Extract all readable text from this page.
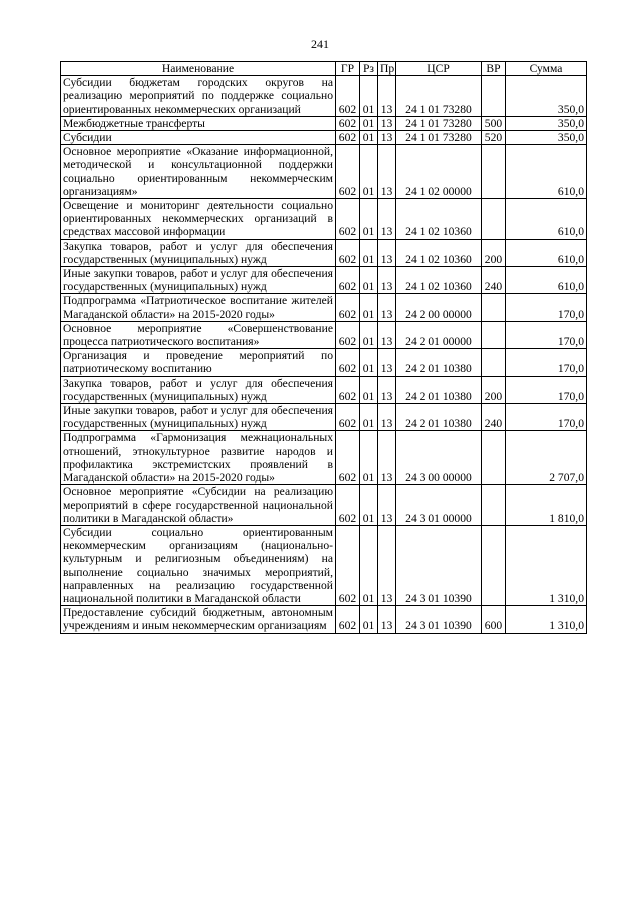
241
Наименование	ГР	Рз	Пр	ЦСР	ВР	Сумма
Субсидии бюджетам городских округов на реализацию мероприятий по поддержке социально ориентированных некоммерческих организаций	602	01	13	24 1 01 73280		350,0
Межбюджетные трансферты	602	01	13	24 1 01 73280	500	350,0
Субсидии	602	01	13	24 1 01 73280	520	350,0
Основное мероприятие «Оказание информационной, методической и консультационной поддержки социально ориентированным некоммерческим организациям»	602	01	13	24 1 02 00000		610,0
Освещение и мониторинг деятельности социально ориентированных некоммерческих организаций в средствах массовой информации	602	01	13	24 1 02 10360		610,0
Закупка товаров, работ и услуг для обеспечения государственных (муниципальных) нужд	602	01	13	24 1 02 10360	200	610,0
Иные закупки товаров, работ и услуг для обеспечения государственных (муниципальных) нужд	602	01	13	24 1 02 10360	240	610,0
Подпрограмма «Патриотическое воспитание жителей Магаданской области» на 2015-2020 годы»	602	01	13	24 2 00 00000		170,0
Основное мероприятие «Совершенствование процесса патриотического воспитания»	602	01	13	24 2 01 00000		170,0
Организация и проведение мероприятий по патриотическому воспитанию	602	01	13	24 2 01 10380		170,0
Закупка товаров, работ и услуг для обеспечения государственных (муниципальных) нужд	602	01	13	24 2 01 10380	200	170,0
Иные закупки товаров, работ и услуг для обеспечения государственных (муниципальных) нужд	602	01	13	24 2 01 10380	240	170,0
Подпрограмма «Гармонизация межнациональных отношений, этнокультурное развитие народов и профилактика экстремистских проявлений в Магаданской области» на 2015-2020 годы»	602	01	13	24 3 00 00000		2 707,0
Основное мероприятие «Субсидии на реализацию мероприятий в сфере государственной национальной политики в Магаданской области»	602	01	13	24 3 01 00000		1 810,0
Субсидии социально ориентированным некоммерческим организациям (национально-культурным и религиозным объединениям) на выполнение социально значимых мероприятий, направленных на реализацию государственной национальной политики в Магаданской области	602	01	13	24 3 01 10390		1 310,0
Предоставление субсидий бюджетным, автономным учреждениям и иным некоммерческим организациям	602	01	13	24 3 01 10390	600	1 310,0
